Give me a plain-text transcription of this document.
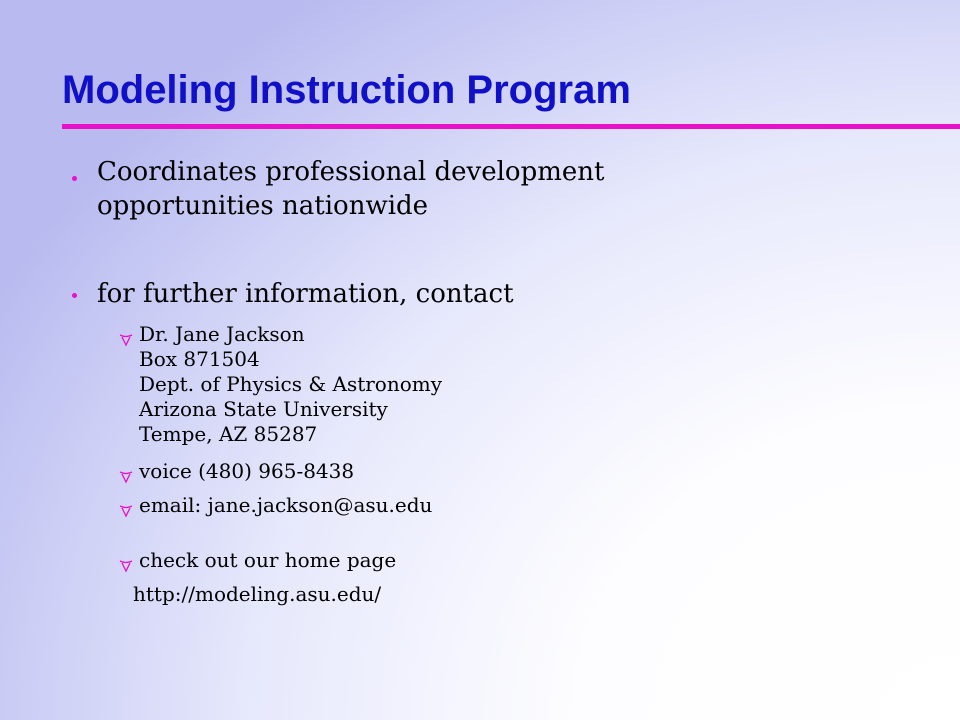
Modeling Instruction Program
Coordinates professional development
opportunities nationwide
for further information, contact
Dr. Jane Jackson
Box 871504
Dept. of Physics & Astronomy
Arizona State University
Tempe, AZ 85287
voice (480) 965-8438
email: jane.jackson@asu.edu
check out our home page
http://modeling.asu.edu/
